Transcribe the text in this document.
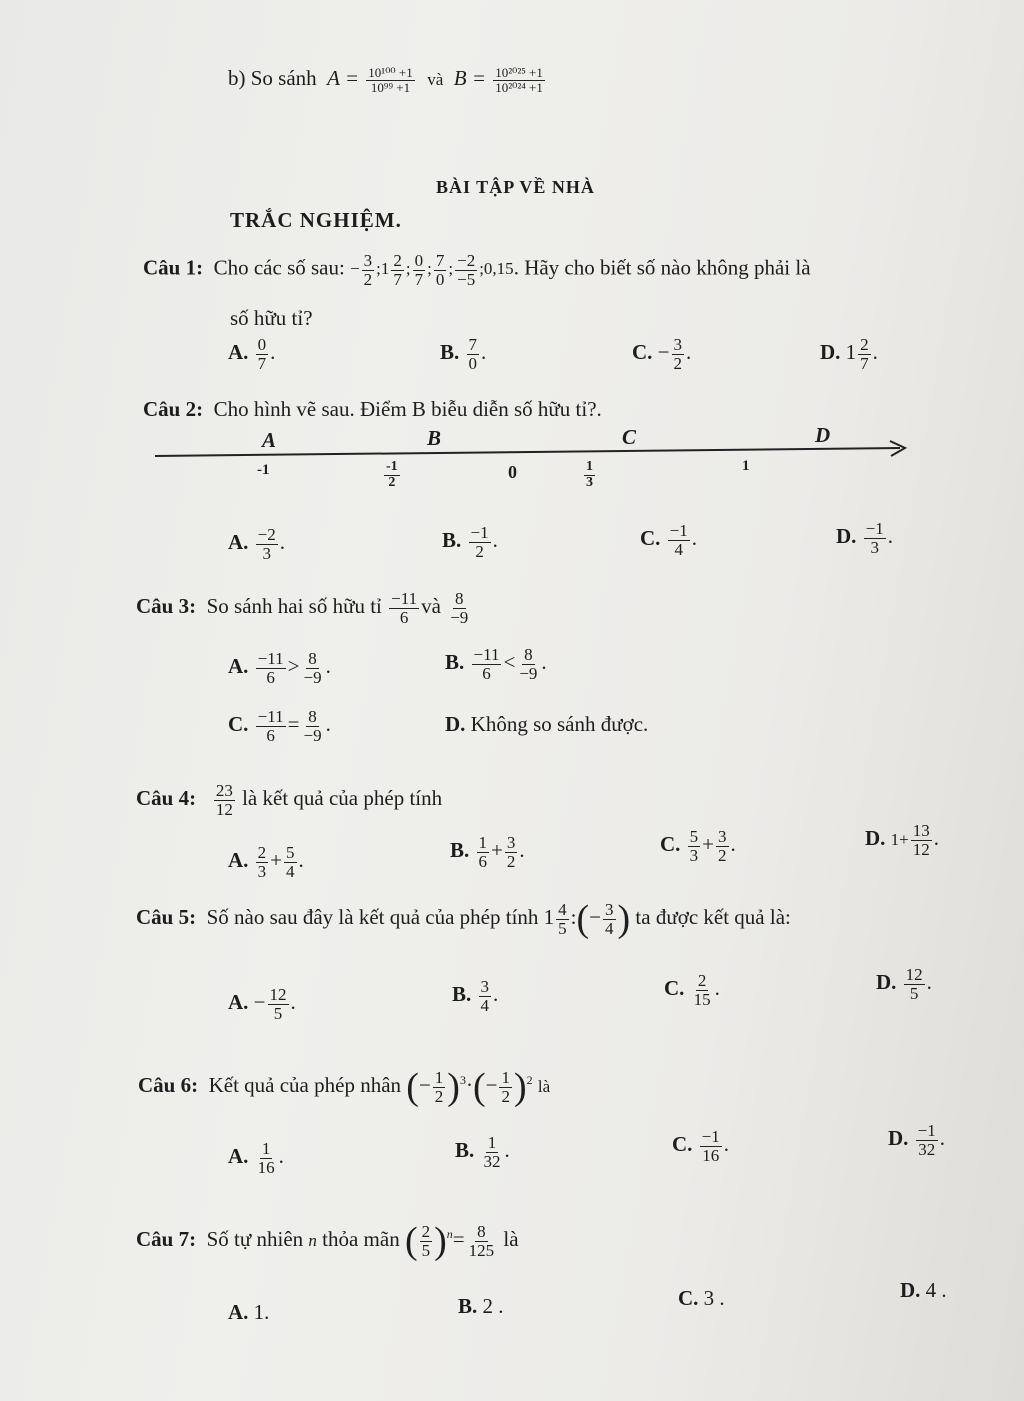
b) So sánh $A = \frac{\text{10¹⁰⁰ +1}}{\text{10⁹⁹ +1}}$ và $B = \frac{\text{10²⁰²⁵ +1}}{\text{10²⁰²⁴ +1}}$
BÀI TẬP VỀ NHÀ
TRẮC NGHIỆM.
Câu 1: Cho các số sau: − $\frac{3}{2}$ ;1 $\frac{2}{7}$ ; $\frac{0}{7}$ ; $\frac{7}{0}$ ; $\frac{-2}{-5}$ ;0,15. Hãy cho biết số nào không phải là
số hữu tỉ?
A. $\frac{0}{7}$ .	B. $\frac{7}{0}$ .	C. − $\frac{3}{2}$ .	D. $1 \frac{2}{7}$ .
Câu 2: Cho hình vẽ sau. Điểm B biễu diễn số hữu tỉ?.
A	B	C	D
-1	$\frac{-1}{2}$	0	$\frac{1}{3}$	1
A. $\frac{-2}{3}$ .	B. $\frac{-1}{2}$ .	C. $\frac{-1}{4}$ .	D. $\frac{-1}{3}$ .
Câu 3: So sánh hai số hữu tỉ $\frac{-11}{6}$ và $\frac{8}{-9}$
A. $\frac{-11}{6} > \frac{8}{-9}$ .	B. $\frac{-11}{6} < \frac{8}{-9}$ .
C. $\frac{-11}{6} = \frac{8}{-9}$ .	D. Không so sánh được.
Câu 4: $\frac{23}{12}$ là kết quả của phép tính
A. $\frac{2}{3} + \frac{5}{4}$ .	B. $\frac{1}{6} + \frac{3}{2}$ .	C. $\frac{5}{3} + \frac{3}{2}$ .	D. $1+ \frac{13}{12}$ .
Câu 5: Số nào sau đây là kết quả của phép tính $1 \frac{4}{5}$ :(− $\frac{3}{4}$ ) ta được kết quả là:
A. − $\frac{12}{5}$ .	B. $\frac{3}{4}$ .	C. $\frac{2}{15}$ .	D. $\frac{12}{5}$ .
Câu 6: Kết quả của phép nhân (− $\frac{1}{2} )^3\cdot(- \frac{1}{2} )^2$ là
A. $\frac{1}{16}$ .	B. $\frac{1}{32}$ .	C. $\frac{-1}{16}$ .	D. $\frac{-1}{32}$ .
Câu 7: Số tự nhiên n thỏa mãn ( $\frac{2}{5} )^n= \frac{8}{125}$ là
A. 1.	B. 2 .	C. 3 .	D. 4 .
